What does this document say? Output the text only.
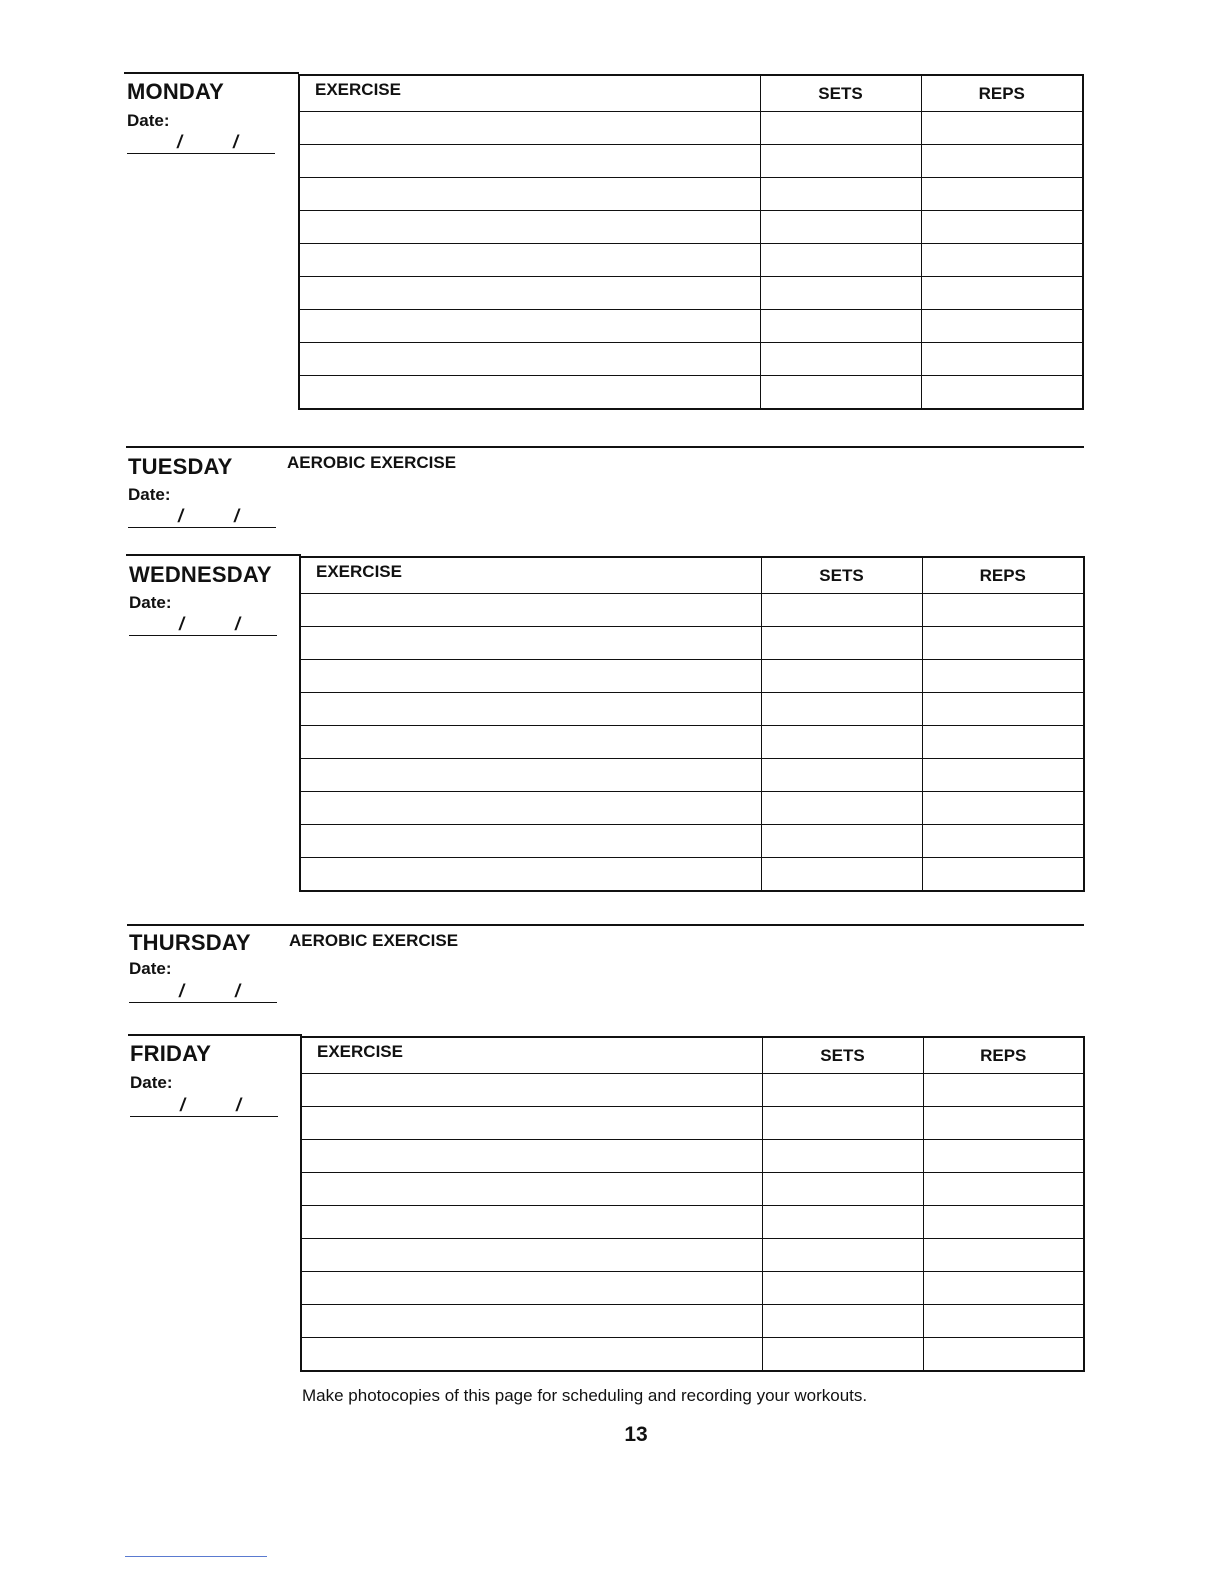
MONDAY
Date:
/	/
EXERCISE	SETS	REPS

TUESDAY	AEROBIC EXERCISE
Date:
/	/
WEDNESDAY
Date:
/	/
EXERCISE	SETS	REPS

THURSDAY AEROBIC EXERCISE
Date:
/	/
FRIDAY
Date:
/	/
EXERCISE	SETS	REPS

Make photocopies of this page for scheduling and recording your workouts.
13
